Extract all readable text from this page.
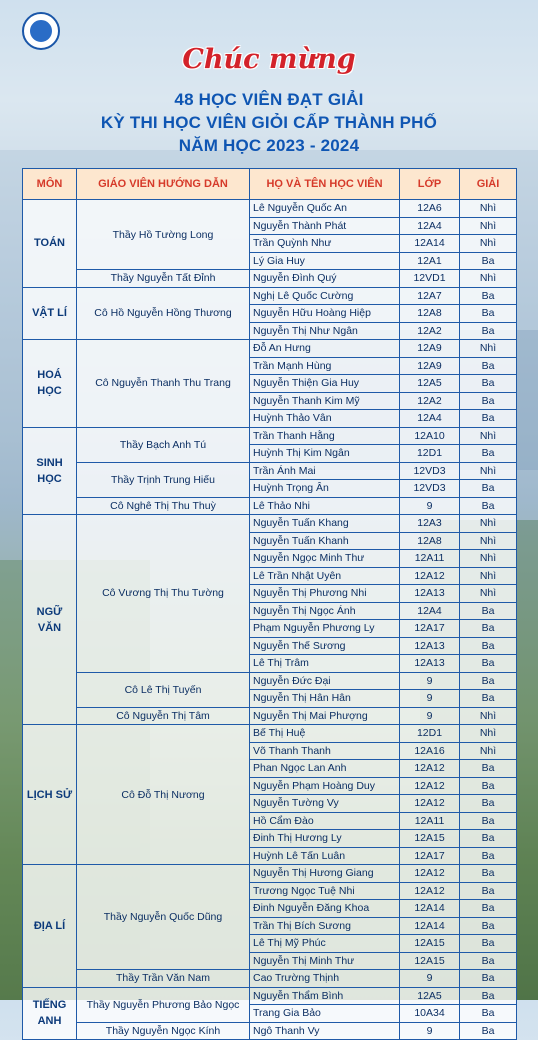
Chúc mừng
48 HỌC VIÊN ĐẠT GIẢI
KỲ THI HỌC VIÊN GIỎI CẤP THÀNH PHỐ
NĂM HỌC 2023 - 2024
MÔN	GIÁO VIÊN HƯỚNG DẪN	HỌ VÀ TÊN HỌC VIÊN	LỚP	GIẢI
TOÁN	Thầy Hồ Tường Long	Lê Nguyễn Quốc An	12A6	Nhì
		Nguyễn Thành Phát	12A4	Nhì
		Trần Quỳnh Như	12A14	Nhì
		Lý Gia Huy	12A1	Ba
	Thầy Nguyễn Tất Đỉnh	Nguyễn Đình Quý	12VD1	Nhì
VẬT LÍ	Cô Hồ Nguyễn Hồng Thương	Nghị Lê Quốc Cường	12A7	Ba
		Nguyễn Hữu Hoàng Hiệp	12A8	Ba
		Nguyễn Thị Như Ngân	12A2	Ba
HOÁ HỌC	Cô Nguyễn Thanh Thu Trang	Đỗ An Hưng	12A9	Nhì
		Trần Mạnh Hùng	12A9	Ba
		Nguyễn Thiện Gia Huy	12A5	Ba
		Nguyễn Thanh Kim Mỹ	12A2	Ba
		Huỳnh Thảo Vân	12A4	Ba
SINH HỌC	Thầy Bạch Anh Tú	Trần Thanh Hằng	12A10	Nhì
		Huỳnh Thị Kim Ngân	12D1	Ba
	Thầy Trịnh Trung Hiếu	Trần Ánh Mai	12VD3	Nhì
		Huỳnh Trọng Ân	12VD3	Ba
	Cô Nghê Thị Thu Thuỳ	Lê Thảo Nhi	9	Ba
NGỮ VĂN	Cô Vương Thị Thu Tường	Nguyễn Tuấn Khang	12A3	Nhì
		Nguyễn Tuấn Khanh	12A8	Nhì
		Nguyễn Ngọc Minh Thư	12A11	Nhì
		Lê Trần Nhật Uyên	12A12	Nhì
		Nguyễn Thị Phương Nhi	12A13	Nhì
		Nguyễn Thị Ngọc Ánh	12A4	Ba
		Phạm Nguyễn Phương Ly	12A17	Ba
		Nguyễn Thế Sương	12A13	Ba
		Lê Thị Trâm	12A13	Ba
	Cô Lê Thị Tuyến	Nguyễn Đức Đại	9	Ba
		Nguyễn Thị Hân Hân	9	Ba
	Cô Nguyễn Thị Tâm	Nguyễn Thị Mai Phượng	9	Nhì
LỊCH SỬ	Cô Đỗ Thị Nương	Bế Thị Huệ	12D1	Nhì
		Võ Thanh Thanh	12A16	Nhì
		Phan Ngọc Lan Anh	12A12	Ba
		Nguyễn Phạm Hoàng Duy	12A12	Ba
		Nguyễn Tường Vy	12A12	Ba
		Hồ Cẩm Đào	12A11	Ba
		Đinh Thị Hương Ly	12A15	Ba
		Huỳnh Lê Tấn Luân	12A17	Ba
ĐỊA LÍ	Thầy Nguyễn Quốc Dũng	Nguyễn Thị Hương Giang	12A12	Ba
		Trương Ngọc Tuệ Nhi	12A12	Ba
		Đinh Nguyễn Đăng Khoa	12A14	Ba
		Trần Thị Bích Sương	12A14	Ba
		Lê Thị Mỹ Phúc	12A15	Ba
		Nguyễn Thị Minh Thư	12A15	Ba
	Thầy Trần Văn Nam	Cao Trường Thịnh	9	Ba
TIẾNG ANH	Thầy Nguyễn Phương Bảo Ngọc	Nguyễn Thẩm Bình	12A5	Ba
		Trang Gia Bảo	10A34	Ba
	Thầy Nguyễn Ngọc Kính	Ngô Thanh Vy	9	Ba
